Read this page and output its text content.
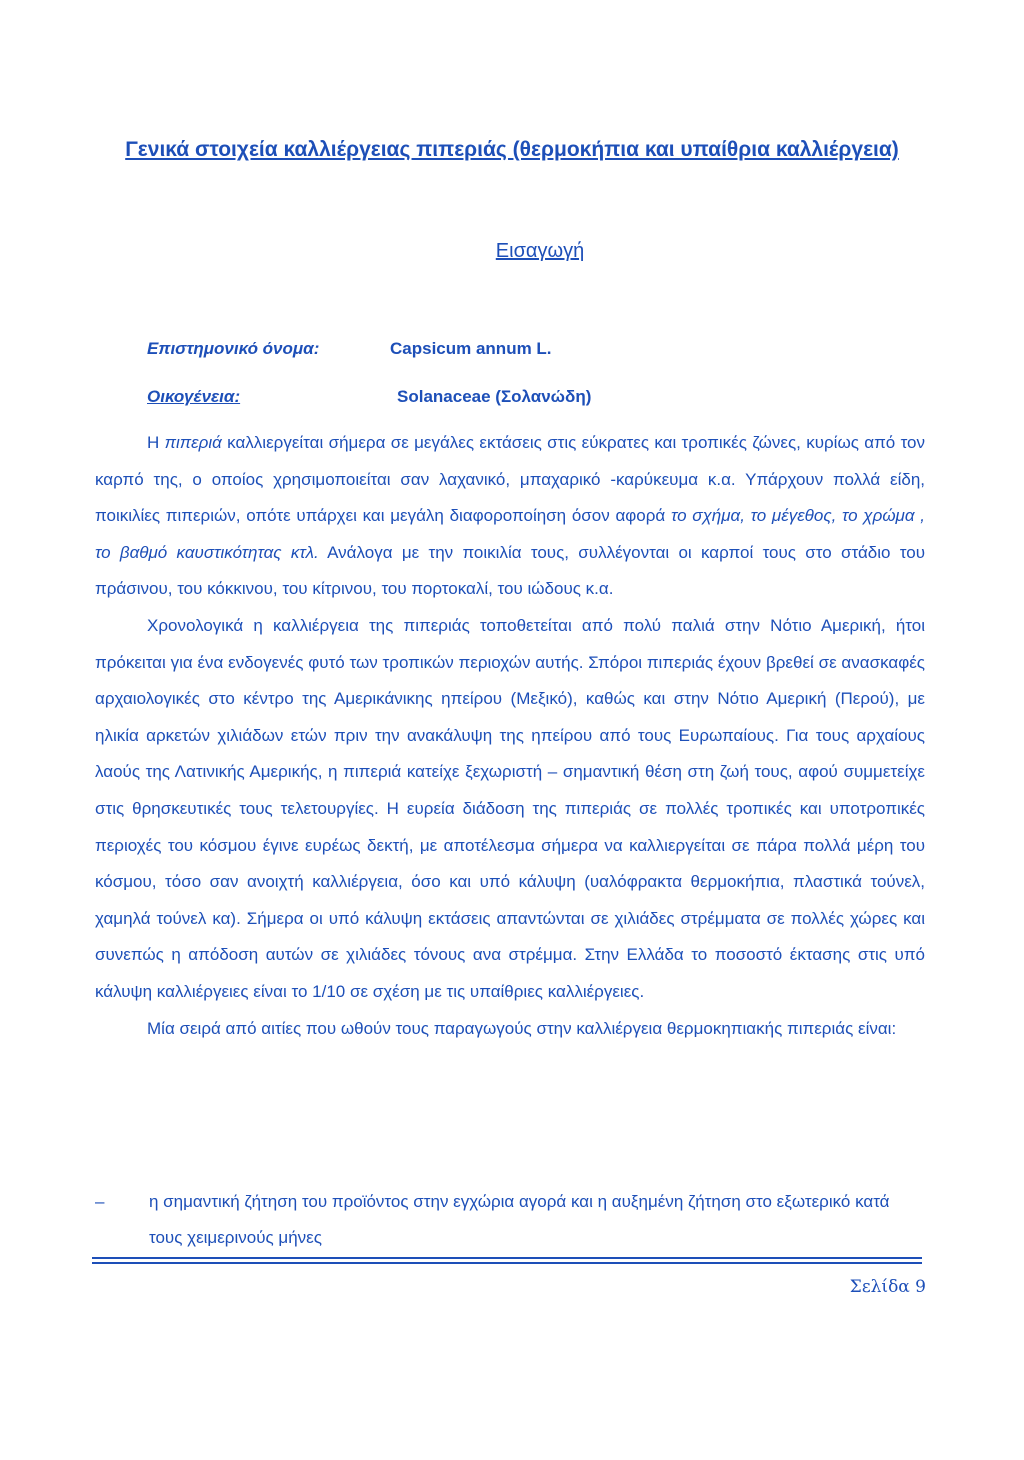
Γενικά στοιχεία καλλιέργειας πιπεριάς (θερμοκήπια και υπαίθρια καλλιέργεια)
Εισαγωγή
Επιστημονικό όνομα:	Capsicum annum L.
Οικογένεια:	Solanaceae (Σολανώδη)

Η πιπεριά καλλιεργείται σήμερα σε μεγάλες εκτάσεις στις εύκρατες και τροπικές ζώνες, κυρίως από τον καρπό της, ο οποίος χρησιμοποιείται σαν λαχανικό, μπαχαρικό -καρύκευμα κ.α. Υπάρχουν πολλά είδη, ποικιλίες πιπεριών, οπότε υπάρχει και μεγάλη διαφοροποίηση όσον αφορά το σχήμα, το μέγεθος, το χρώμα , το βαθμό καυστικότητας κτλ. Ανάλογα με την ποικιλία τους, συλλέγονται οι καρποί τους στο στάδιο του πράσινου, του κόκκινου, του κίτρινου, του πορτοκαλί, του ιώδους κ.α.

Χρονολογικά η καλλιέργεια της πιπεριάς τοποθετείται από πολύ παλιά στην Νότιο Αμερική, ήτοι πρόκειται για ένα ενδογενές φυτό των τροπικών περιοχών αυτής. Σπόροι πιπεριάς έχουν βρεθεί σε ανασκαφές αρχαιολογικές στο κέντρο της Αμερικάνικης ηπείρου (Μεξικό), καθώς και στην Νότιο Αμερική (Περού), με ηλικία αρκετών χιλιάδων ετών πριν την ανακάλυψη της ηπείρου από τους Ευρωπαίους. Για τους αρχαίους λαούς της Λατινικής Αμερικής, η πιπεριά κατείχε ξεχωριστή – σημαντική θέση στη ζωή τους, αφού συμμετείχε στις θρησκευτικές τους τελετουργίες. Η ευρεία διάδοση της πιπεριάς σε πολλές τροπικές και υποτροπικές περιοχές του κόσμου έγινε ευρέως δεκτή, με αποτέλεσμα σήμερα να καλλιεργείται σε πάρα πολλά μέρη του κόσμου, τόσο σαν ανοιχτή καλλιέργεια, όσο και υπό κάλυψη (υαλόφρακτα θερμοκήπια, πλαστικά τούνελ, χαμηλά τούνελ κα). Σήμερα οι υπό κάλυψη εκτάσεις απαντώνται σε χιλιάδες στρέμματα σε πολλές χώρες και συνεπώς η απόδοση αυτών σε χιλιάδες τόνους ανα στρέμμα. Στην Ελλάδα το ποσοστό έκτασης στις υπό κάλυψη καλλιέργειες είναι το 1/10 σε σχέση με τις υπαίθριες καλλιέργειες.

Μία σειρά από αιτίες που ωθούν τους παραγωγούς στην καλλιέργεια θερμοκηπιακής πιπεριάς είναι:

–	η σημαντική ζήτηση του προϊόντος στην εγχώρια αγορά και η αυξημένη ζήτηση στο εξωτερικό κατά τους χειμερινούς μήνες
Σελίδα 9
